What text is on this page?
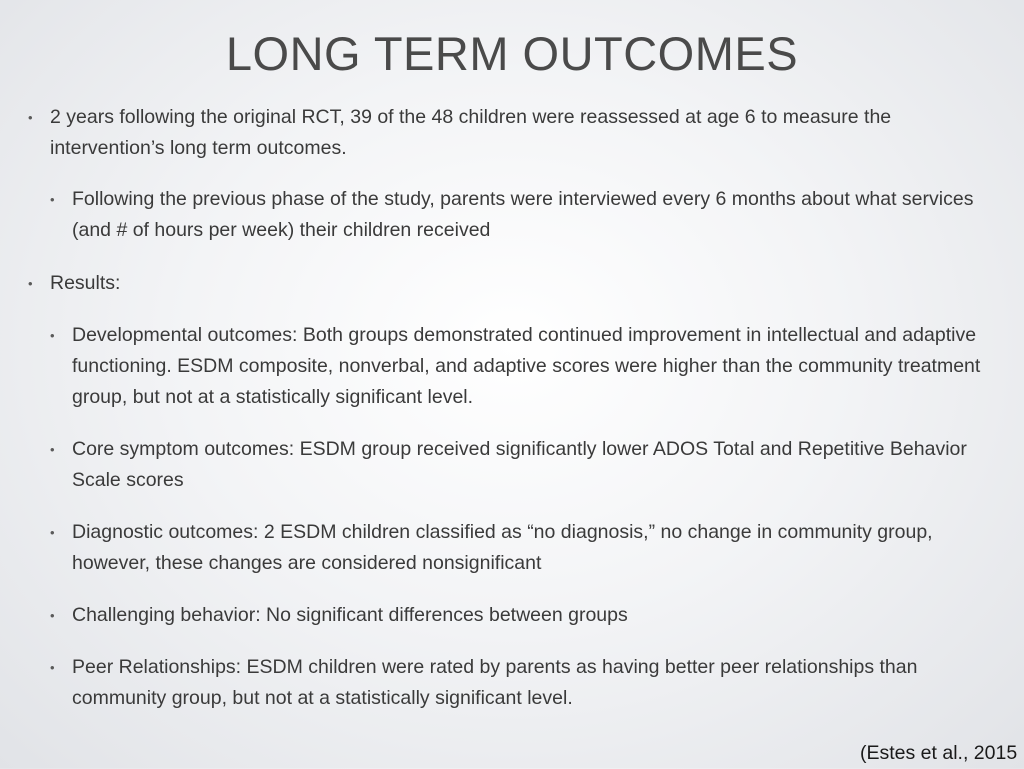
LONG TERM OUTCOMES
• 2 years following the original RCT, 39 of the 48 children were reassessed at age 6 to measure the intervention’s long term outcomes.
• Following the previous phase of the study, parents were interviewed every 6 months about what services (and # of hours per week) their children received
• Results:
• Developmental outcomes: Both groups demonstrated continued improvement in intellectual and adaptive functioning. ESDM composite, nonverbal, and adaptive scores were higher than the community treatment group, but not at a statistically significant level.
• Core symptom outcomes: ESDM group received significantly lower ADOS Total and Repetitive Behavior Scale scores
• Diagnostic outcomes: 2 ESDM children classified as “no diagnosis,” no change in community group, however, these changes are considered nonsignificant
• Challenging behavior: No significant differences between groups
• Peer Relationships: ESDM children were rated by parents as having better peer relationships than community group, but not at a statistically significant level.
(Estes et al., 2015
